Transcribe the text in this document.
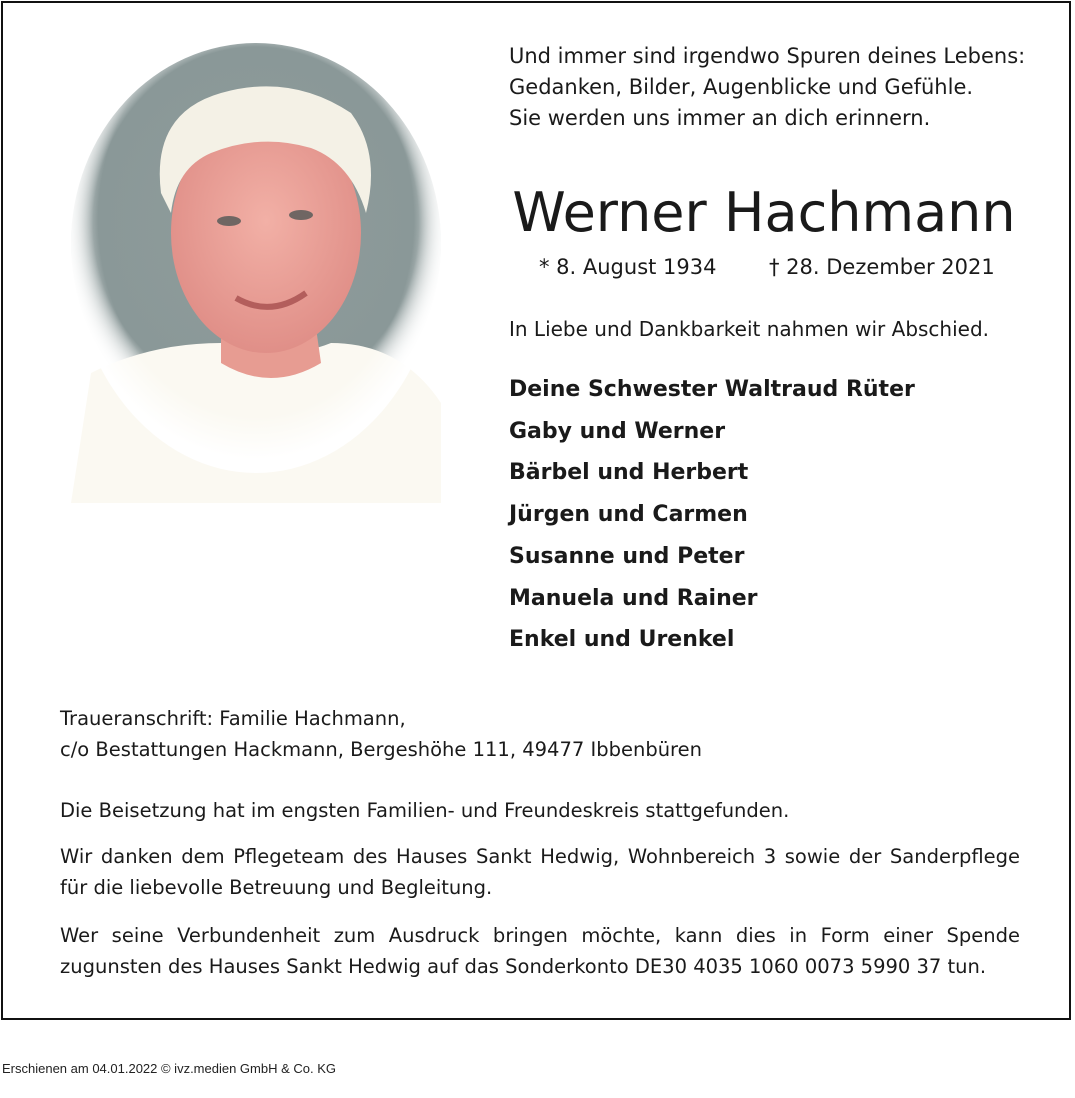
Und immer sind irgendwo Spuren deines Lebens:
Gedanken, Bilder, Augenblicke und Gefühle.
Sie werden uns immer an dich erinnern.
Werner Hachmann
* 8. August 1934	† 28. Dezember 2021
In Liebe und Dankbarkeit nahmen wir Abschied.
Deine Schwester Waltraud Rüter
Gaby und Werner
Bärbel und Herbert
Jürgen und Carmen
Susanne und Peter
Manuela und Rainer
Enkel und Urenkel
Traueranschrift: Familie Hachmann,
c/o Bestattungen Hackmann, Bergeshöhe 111, 49477 Ibbenbüren
Die Beisetzung hat im engsten Familien- und Freundeskreis stattgefunden.
Wir danken dem Pflegeteam des Hauses Sankt Hedwig, Wohnbereich 3 sowie der Sanderpflege für die liebevolle Betreuung und Begleitung.
Wer seine Verbundenheit zum Ausdruck bringen möchte, kann dies in Form einer Spende zugunsten des Hauses Sankt Hedwig auf das Sonderkonto DE30 4035 1060 0073 5990 37 tun.
Erschienen am 04.01.2022 © ivz.medien GmbH & Co. KG
